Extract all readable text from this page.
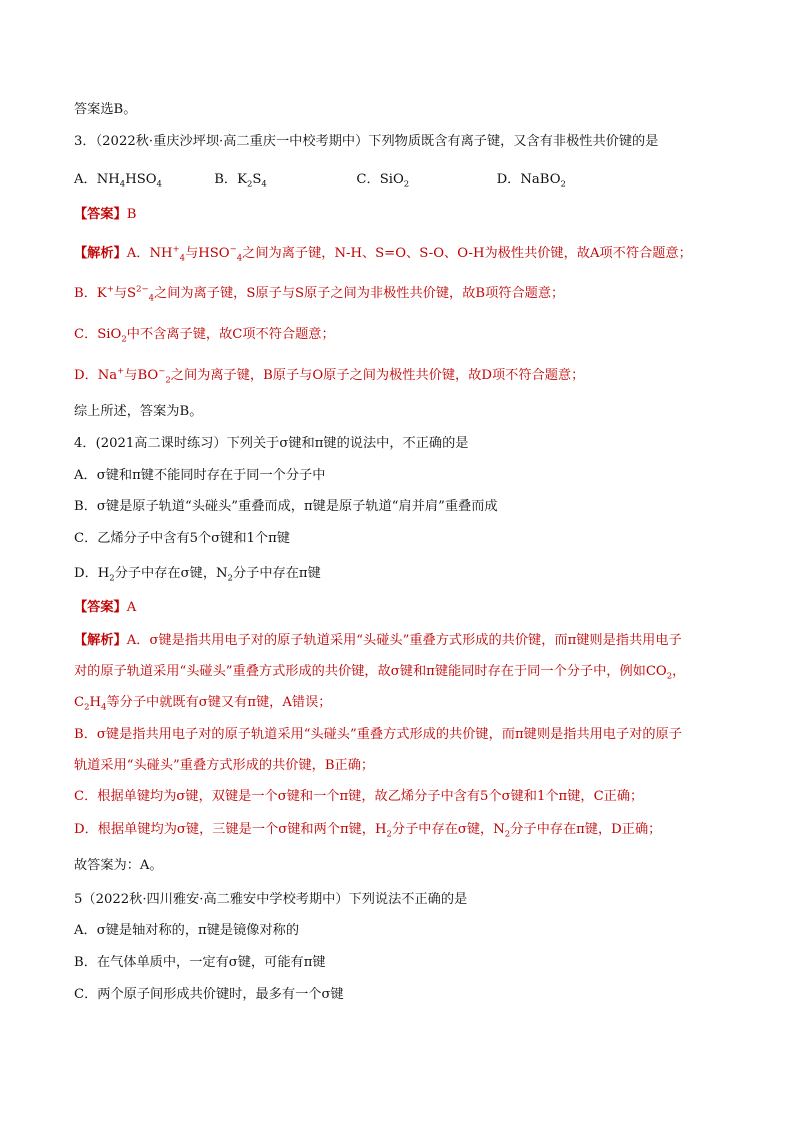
答案选B。
3．（2022秋·重庆沙坪坝·高二重庆一中校考期中）下列物质既含有离子键，又含有非极性共价键的是
A．$NH_4HSO_4$	B．$K_2S_4$	C．SiO$_2$	D．NaBO$_2$
【答案】B
【解析】A．$NH^+_4$与$HSO^-_4$之间为离子键，N-H、S=O、S-O、O-H为极性共价键，故A项不符合题意；
B．K+与$S^{2-}_4$之间为离子键，S原子与S原子之间为非极性共价键，故B项符合题意；
C．SiO$_2$中不含离子键，故C项不符合题意；
D．Na+与$BO^-_2$之间为离子键，B原子与O原子之间为极性共价键，故D项不符合题意；
综上所述，答案为B。
4．(2021高二课时练习）下列关于σ键和π键的说法中，不正确的是
A．σ键和π键不能同时存在于同一个分子中
B．σ键是原子轨道“头碰头”重叠而成，π键是原子轨道“肩并肩”重叠而成
C．乙烯分子中含有5个σ键和1个π键
D．$H_2$分子中存在σ键，$N_2$分子中存在π键
【答案】A
【解析】A．σ键是指共用电子对的原子轨道采用“头碰头”重叠方式形成的共价键，而π键则是指共用电子
对的原子轨道采用“头碰头”重叠方式形成的共价键，故σ键和π键能同时存在于同一个分子中，例如$CO_2$，
$C_2H_4$等分子中就既有σ键又有π键，A错误；
B．σ键是指共用电子对的原子轨道采用“头碰头”重叠方式形成的共价键，而π键则是指共用电子对的原子
轨道采用“头碰头”重叠方式形成的共价键，B正确；
C．根据单键均为σ键，双键是一个σ键和一个π键，故乙烯分子中含有5个σ键和1个π键，C正确；
D．根据单键均为σ键，三键是一个σ键和两个π键，$H_2$分子中存在σ键，$N_2$分子中存在π键，D正确；
故答案为：A。
5（2022秋·四川雅安·高二雅安中学校考期中）下列说法不正确的是
A．σ键是轴对称的，π键是镜像对称的
B．在气体单质中，一定有σ键，可能有π键
C．两个原子间形成共价键时，最多有一个σ键
